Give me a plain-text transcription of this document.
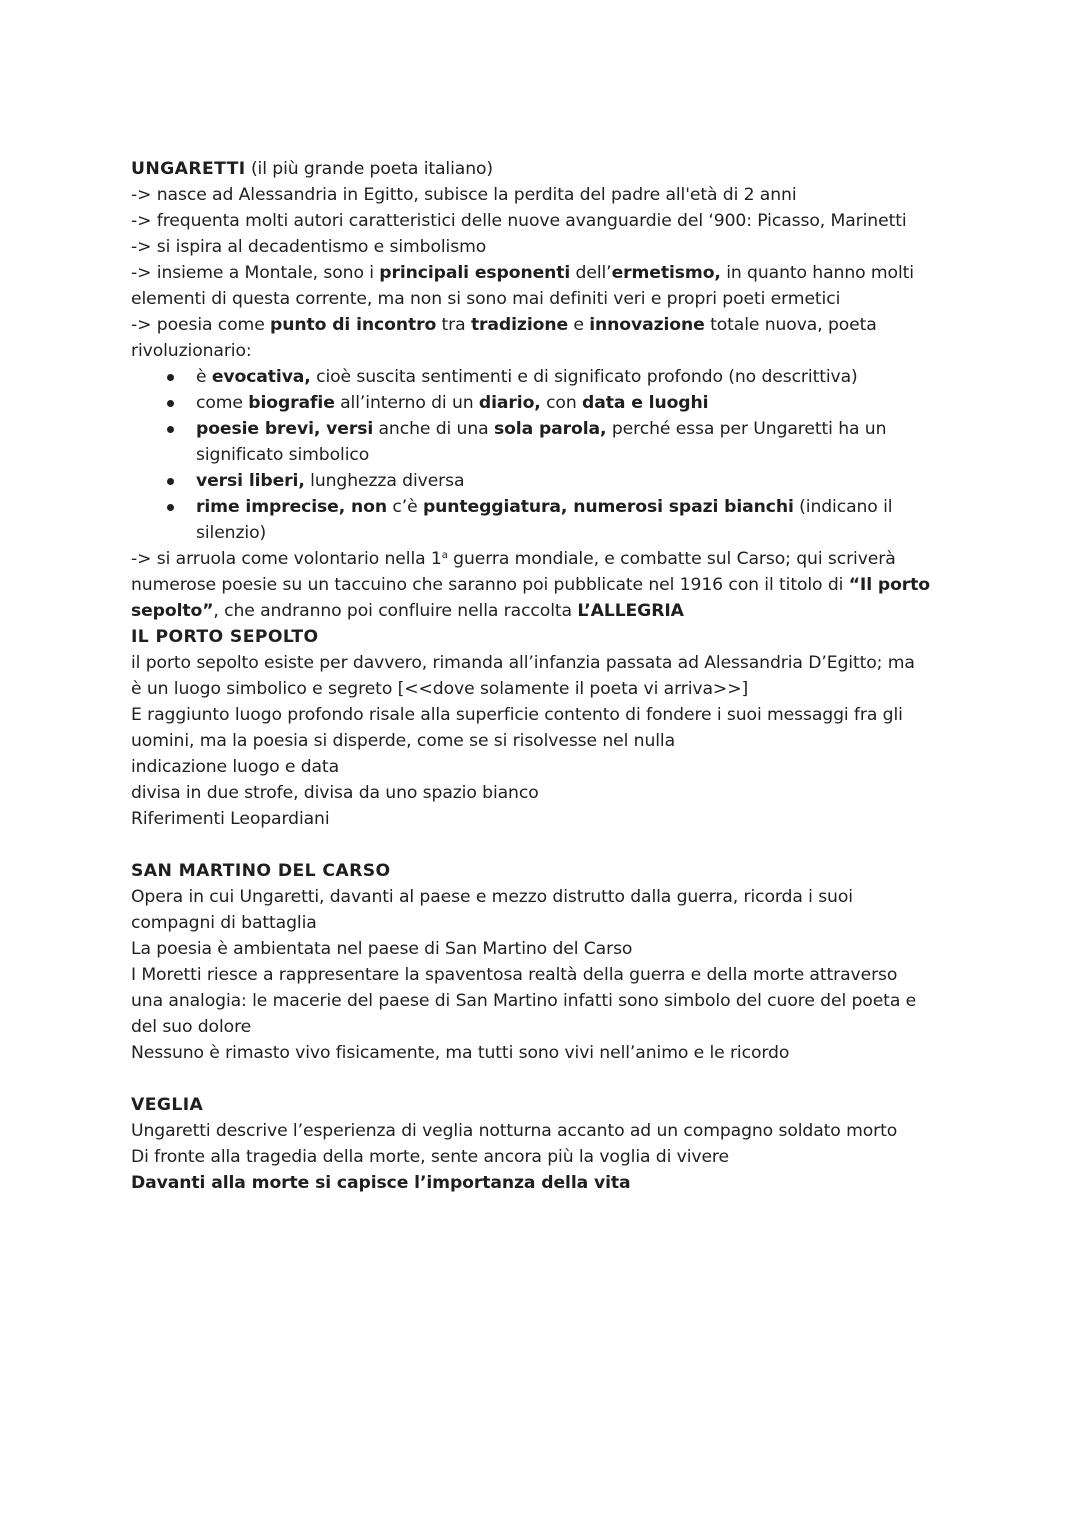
UNGARETTI (il più grande poeta italiano)
-> nasce ad Alessandria in Egitto, subisce la perdita del padre all'età di 2 anni
-> frequenta molti autori caratteristici delle nuove avanguardie del ‘900: Picasso, Marinetti
-> si ispira al decadentismo e simbolismo
-> insieme a Montale, sono i principali esponenti dell’ermetismo, in quanto hanno molti
elementi di questa corrente, ma non si sono mai definiti veri e propri poeti ermetici
-> poesia come punto di incontro tra tradizione e innovazione totale nuova, poeta
rivoluzionario:
è evocativa, cioè suscita sentimenti e di significato profondo (no descrittiva)
come biografie all’interno di un diario, con data e luoghi
poesie brevi, versi anche di una sola parola, perché essa per Ungaretti ha un
significato simbolico
versi liberi, lunghezza diversa
rime imprecise, non c’è punteggiatura, numerosi spazi bianchi (indicano il
silenzio)
-> si arruola come volontario nella 1$^a$ guerra mondiale, e combatte sul Carso; qui scriverà
numerose poesie su un taccuino che saranno poi pubblicate nel 1916 con il titolo di “Il porto
sepolto”, che andranno poi confluire nella raccolta L’ALLEGRIA
IL PORTO SEPOLTO
il porto sepolto esiste per davvero, rimanda all’infanzia passata ad Alessandria D’Egitto; ma
è un luogo simbolico e segreto [<<dove solamente il poeta vi arriva>>]
E raggiunto luogo profondo risale alla superficie contento di fondere i suoi messaggi fra gli
uomini, ma la poesia si disperde, come se si risolvesse nel nulla
indicazione luogo e data
divisa in due strofe, divisa da uno spazio bianco
Riferimenti Leopardiani
SAN MARTINO DEL CARSO
Opera in cui Ungaretti, davanti al paese e mezzo distrutto dalla guerra, ricorda i suoi
compagni di battaglia
La poesia è ambientata nel paese di San Martino del Carso
I Moretti riesce a rappresentare la spaventosa realtà della guerra e della morte attraverso
una analogia: le macerie del paese di San Martino infatti sono simbolo del cuore del poeta e
del suo dolore
Nessuno è rimasto vivo fisicamente, ma tutti sono vivi nell’animo e le ricordo
VEGLIA
Ungaretti descrive l’esperienza di veglia notturna accanto ad un compagno soldato morto
Di fronte alla tragedia della morte, sente ancora più la voglia di vivere
Davanti alla morte si capisce l’importanza della vita
